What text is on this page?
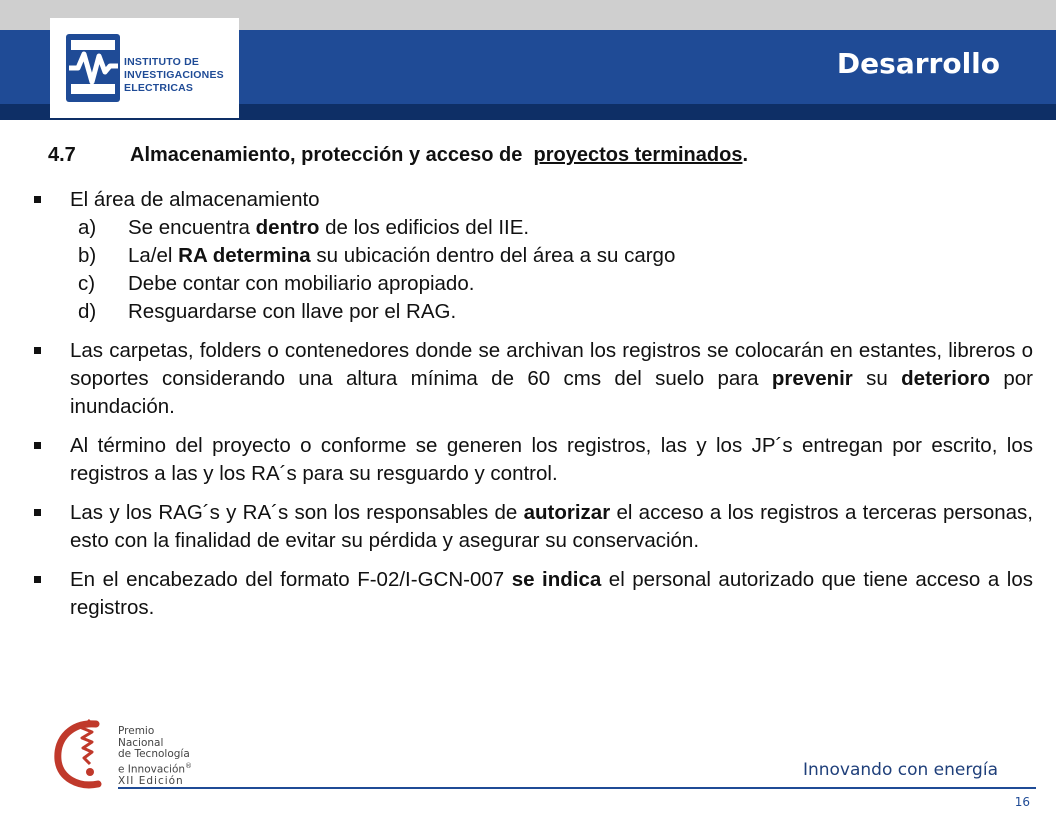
INSTITUTO DE
INVESTIGACIONES
ELECTRICAS
Desarrollo
4.7	Almacenamiento, protección y acceso de proyectos terminados.
El área de almacenamiento
a) Se encuentra dentro de los edificios del IIE.
b) La/el RA determina su ubicación dentro del área a su cargo
c) Debe contar con mobiliario apropiado.
d) Resguardarse con llave por el RAG.
Las carpetas, folders o contenedores donde se archivan los registros se colocarán en estantes, libreros o soportes considerando una altura mínima de 60 cms del suelo para prevenir su deterioro por inundación.
Al término del proyecto o conforme se generen los registros, las y los JP´s entregan por escrito, los registros a las y los RA´s para su resguardo y control.
Las y los RAG´s y RA´s son los responsables de autorizar el acceso a los registros a terceras personas, esto con la finalidad de evitar su pérdida y asegurar su conservación.
En el encabezado del formato F-02/I-GCN-007 se indica el personal autorizado que tiene acceso a los registros.
Premio
Nacional
de Tecnología
e Innovación®
XII Edición
Innovando con energía
16
